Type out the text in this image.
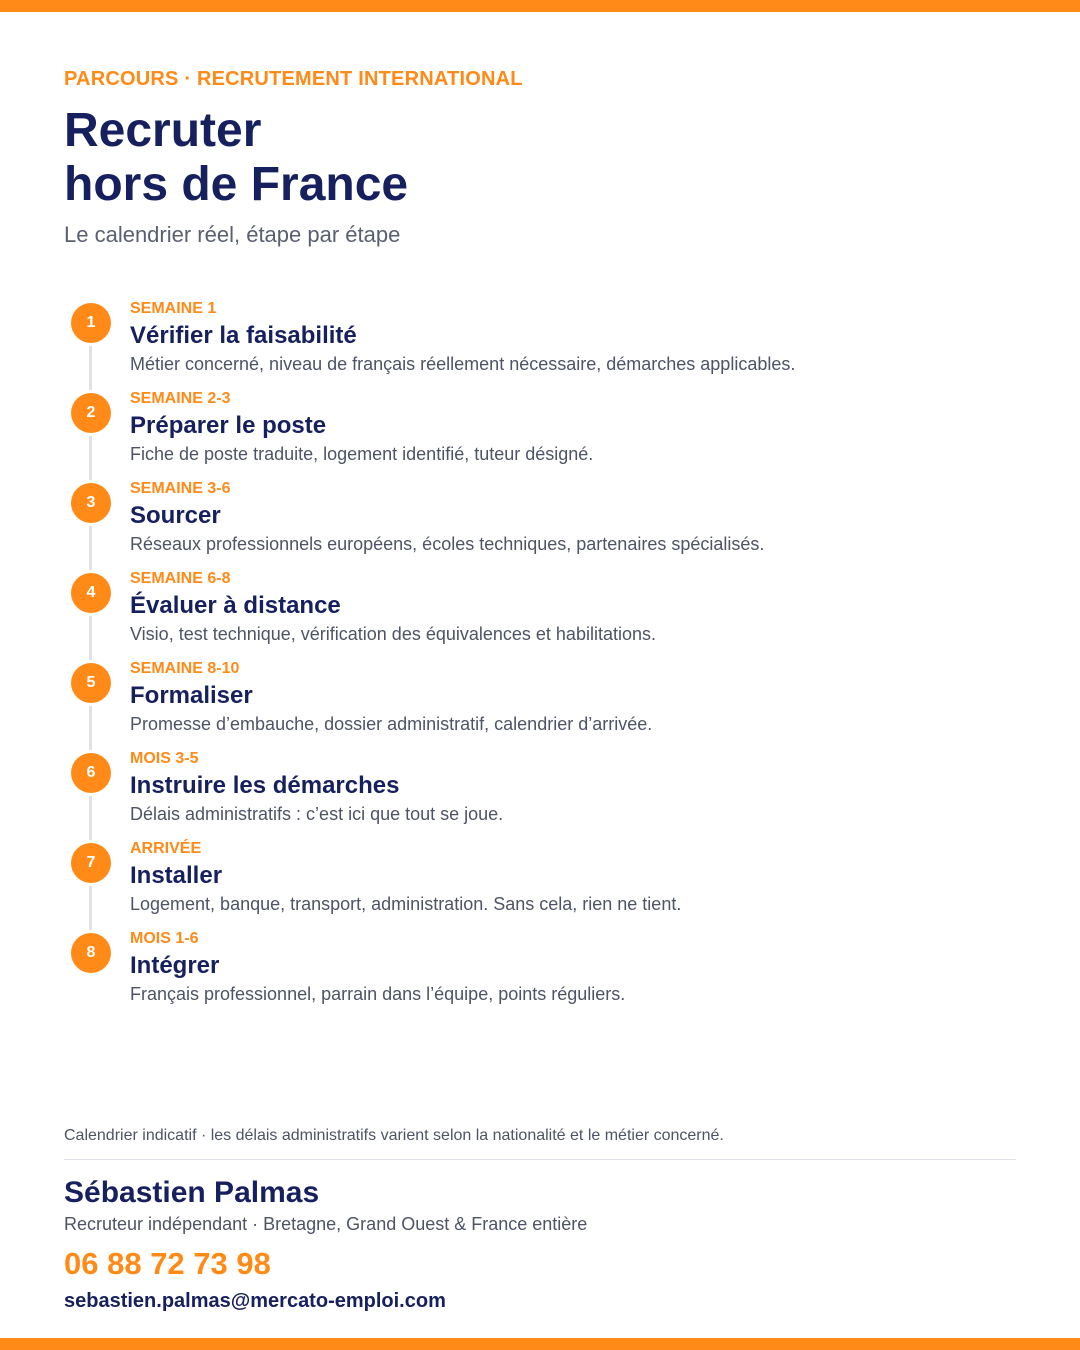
PARCOURS · RECRUTEMENT INTERNATIONAL
Recruter
hors de France
Le calendrier réel, étape par étape
1
SEMAINE 1
Vérifier la faisabilité
Métier concerné, niveau de français réellement nécessaire, démarches applicables.
2
SEMAINE 2-3
Préparer le poste
Fiche de poste traduite, logement identifié, tuteur désigné.
3
SEMAINE 3-6
Sourcer
Réseaux professionnels européens, écoles techniques, partenaires spécialisés.
4
SEMAINE 6-8
Évaluer à distance
Visio, test technique, vérification des équivalences et habilitations.
5
SEMAINE 8-10
Formaliser
Promesse d’embauche, dossier administratif, calendrier d’arrivée.
6
MOIS 3-5
Instruire les démarches
Délais administratifs : c’est ici que tout se joue.
7
ARRIVÉE
Installer
Logement, banque, transport, administration. Sans cela, rien ne tient.
8
MOIS 1-6
Intégrer
Français professionnel, parrain dans l’équipe, points réguliers.
Calendrier indicatif · les délais administratifs varient selon la nationalité et le métier concerné.
Sébastien Palmas
Recruteur indépendant · Bretagne, Grand Ouest & France entière
06 88 72 73 98
sebastien.palmas@mercato-emploi.com
